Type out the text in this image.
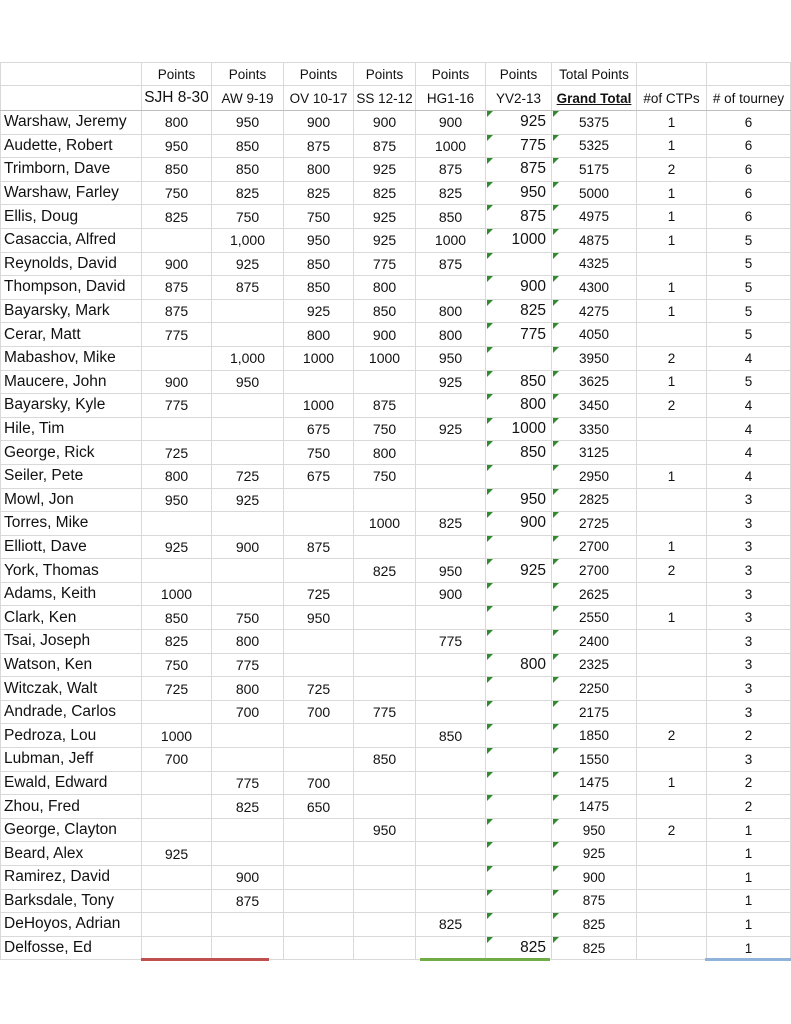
	Points	Points	Points	Points	Points	Points	Total Points		
	SJH 8-30	AW 9-19	OV 10-17	SS 12-12	HG1-16	YV2-13	Grand Total	#of CTPs	# of tourney
Warshaw, Jeremy	800	950	900	900	900	925	5375	1	6
Audette, Robert	950	850	875	875	1000	775	5325	1	6
Trimborn, Dave	850	850	800	925	875	875	5175	2	6
Warshaw, Farley	750	825	825	825	825	950	5000	1	6
Ellis, Doug	825	750	750	925	850	875	4975	1	6
Casaccia, Alfred		1,000	950	925	1000	1000	4875	1	5
Reynolds, David	900	925	850	775	875		4325		5
Thompson, David	875	875	850	800		900	4300	1	5
Bayarsky, Mark	875		925	850	800	825	4275	1	5
Cerar, Matt	775		800	900	800	775	4050		5
Mabashov, Mike		1,000	1000	1000	950		3950	2	4
Maucere, John	900	950			925	850	3625	1	5
Bayarsky, Kyle	775		1000	875		800	3450	2	4
Hile, Tim			675	750	925	1000	3350		4
George, Rick	725		750	800		850	3125		4
Seiler, Pete	800	725	675	750			2950	1	4
Mowl, Jon	950	925				950	2825		3
Torres, Mike				1000	825	900	2725		3
Elliott, Dave	925	900	875				2700	1	3
York, Thomas				825	950	925	2700	2	3
Adams, Keith	1000		725		900		2625		3
Clark, Ken	850	750	950				2550	1	3
Tsai, Joseph	825	800			775		2400		3
Watson, Ken	750	775				800	2325		3
Witczak, Walt	725	800	725				2250		3
Andrade, Carlos		700	700	775			2175		3
Pedroza, Lou	1000				850		1850	2	2
Lubman, Jeff	700			850			1550		3
Ewald, Edward		775	700				1475	1	2
Zhou, Fred		825	650				1475		2
George, Clayton				950			950	2	1
Beard, Alex	925						925		1
Ramirez, David		900					900		1
Barksdale, Tony		875					875		1
DeHoyos, Adrian					825		825		1
Delfosse, Ed						825	825		1
